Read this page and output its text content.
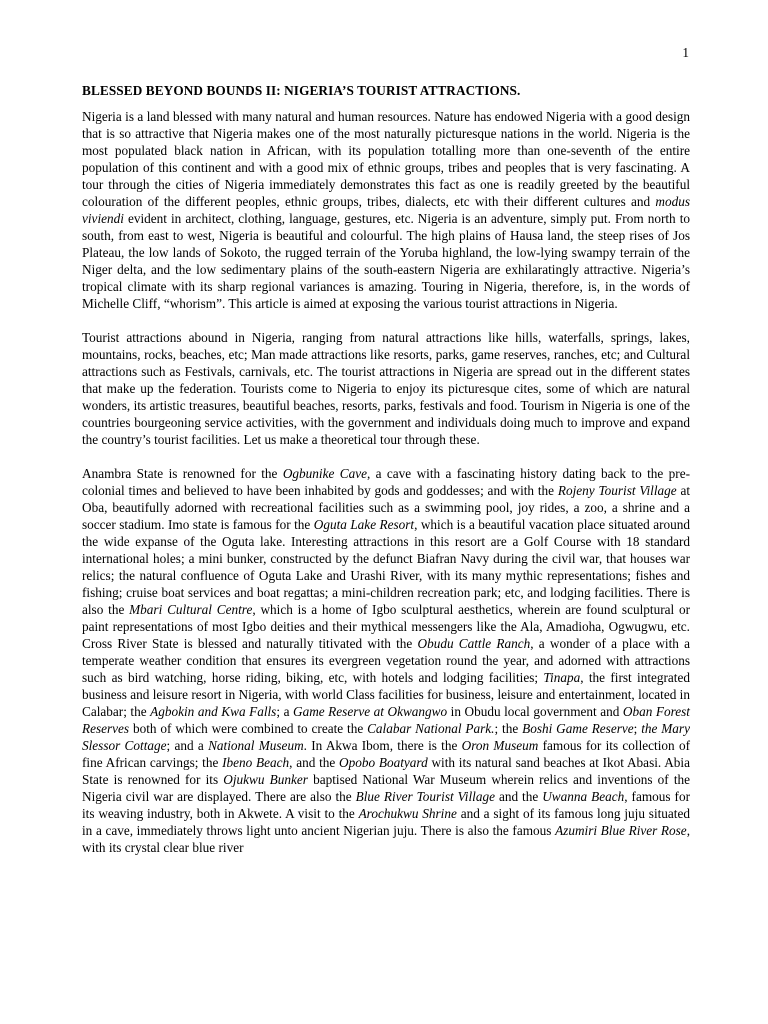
1
BLESSED BEYOND BOUNDS II: NIGERIA’S TOURIST ATTRACTIONS.

Nigeria is a land blessed with many natural and human resources. Nature has endowed Nigeria with a good design that is so attractive that Nigeria makes one of the most naturally picturesque nations in the world. Nigeria is the most populated black nation in African, with its population totalling more than one-seventh of the entire population of this continent and with a good mix of ethnic groups, tribes and peoples that is very fascinating. A tour through the cities of Nigeria immediately demonstrates this fact as one is readily greeted by the beautiful colouration of the different peoples, ethnic groups, tribes, dialects, etc with their different cultures and modus viviendi evident in architect, clothing, language, gestures, etc. Nigeria is an adventure, simply put. From north to south, from east to west, Nigeria is beautiful and colourful. The high plains of Hausa land, the steep rises of Jos Plateau, the low lands of Sokoto, the rugged terrain of the Yoruba highland, the low-lying swampy terrain of the Niger delta, and the low sedimentary plains of the south-eastern Nigeria are exhilaratingly attractive. Nigeria’s tropical climate with its sharp regional variances is amazing. Touring in Nigeria, therefore, is, in the words of Michelle Cliff, “whorism”. This article is aimed at exposing the various tourist attractions in Nigeria.

Tourist attractions abound in Nigeria, ranging from natural attractions like hills, waterfalls, springs, lakes, mountains, rocks, beaches, etc; Man made attractions like resorts, parks, game reserves, ranches, etc; and Cultural attractions such as Festivals, carnivals, etc. The tourist attractions in Nigeria are spread out in the different states that make up the federation. Tourists come to Nigeria to enjoy its picturesque cites, some of which are natural wonders, its artistic treasures, beautiful beaches, resorts, parks, festivals and food. Tourism in Nigeria is one of the countries bourgeoning service activities, with the government and individuals doing much to improve and expand the country’s tourist facilities. Let us make a theoretical tour through these.

Anambra State is renowned for the Ogbunike Cave, a cave with a fascinating history dating back to the pre-colonial times and believed to have been inhabited by gods and goddesses; and with the Rojeny Tourist Village at Oba, beautifully adorned with recreational facilities such as a swimming pool, joy rides, a zoo, a shrine and a soccer stadium. Imo state is famous for the Oguta Lake Resort, which is a beautiful vacation place situated around the wide expanse of the Oguta lake. Interesting attractions in this resort are a Golf Course with 18 standard international holes; a mini bunker, constructed by the defunct Biafran Navy during the civil war, that houses war relics; the natural confluence of Oguta Lake and Urashi River, with its many mythic representations; fishes and fishing; cruise boat services and boat regattas; a mini-children recreation park; etc, and lodging facilities. There is also the Mbari Cultural Centre, which is a home of Igbo sculptural aesthetics, wherein are found sculptural or paint representations of most Igbo deities and their mythical messengers like the Ala, Amadioha, Ogwugwu, etc. Cross River State is blessed and naturally titivated with the Obudu Cattle Ranch, a wonder of a place with a temperate weather condition that ensures its evergreen vegetation round the year, and adorned with attractions such as bird watching, horse riding, biking, etc, with hotels and lodging facilities; Tinapa, the first integrated business and leisure resort in Nigeria, with world Class facilities for business, leisure and entertainment, located in Calabar; the Agbokin and Kwa Falls; a Game Reserve at Okwangwo in Obudu local government and Oban Forest Reserves both of which were combined to create the Calabar National Park.; the Boshi Game Reserve; the Mary Slessor Cottage; and a National Museum. In Akwa Ibom, there is the Oron Museum famous for its collection of fine African carvings; the Ibeno Beach, and the Opobo Boatyard with its natural sand beaches at Ikot Abasi. Abia State is renowned for its Ojukwu Bunker baptised National War Museum wherein relics and inventions of the Nigeria civil war are displayed. There are also the Blue River Tourist Village and the Uwanna Beach, famous for its weaving industry, both in Akwete. A visit to the Arochukwu Shrine and a sight of its famous long juju situated in a cave, immediately throws light unto ancient Nigerian juju. There is also the famous Azumiri Blue River Rose, with its crystal clear blue river
